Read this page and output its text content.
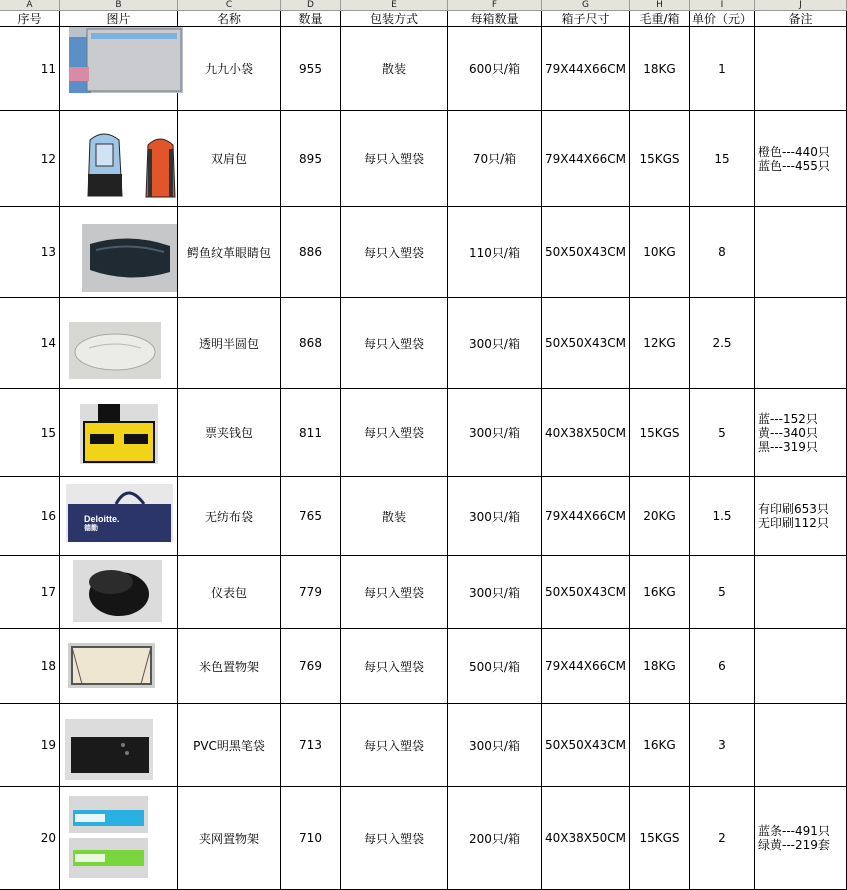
A	B	C	D	E	F	G	H	I	J
序号	图片	名称	数量	包装方式	每箱数量	箱子尺寸	毛重/箱	单价（元）	备注
11	九九小袋	955	散装	600只/箱	79X44X66CM	18KG	1
12	双肩包	895	每只入塑袋	70只/箱	79X44X66CM	15KGS	15	橙色---440只
蓝色---455只
13	鳄鱼纹革眼睛包	886	每只入塑袋	110只/箱	50X50X43CM	10KG	8
14	透明半圆包	868	每只入塑袋	300只/箱	50X50X43CM	12KG	2.5
15	票夹钱包	811	每只入塑袋	300只/箱	40X38X50CM	15KGS	5
蓝---152只
黄---340只
黑---319只
16	无纺布袋	765	散装	300只/箱	79X44X66CM	20KG	1.5	有印刷653只
无印刷112只
17	仪表包	779	每只入塑袋	300只/箱	50X50X43CM	16KG	5
18	米色置物架	769	每只入塑袋	500只/箱	79X44X66CM	18KG	6
19	PVC明黑笔袋	713	每只入塑袋	300只/箱	50X50X43CM	16KG	3
20	夹网置物架	710	每只入塑袋	200只/箱	40X38X50CM	15KGS	2	蓝条---491只
绿黄---219套
Deloitte.
德勤
